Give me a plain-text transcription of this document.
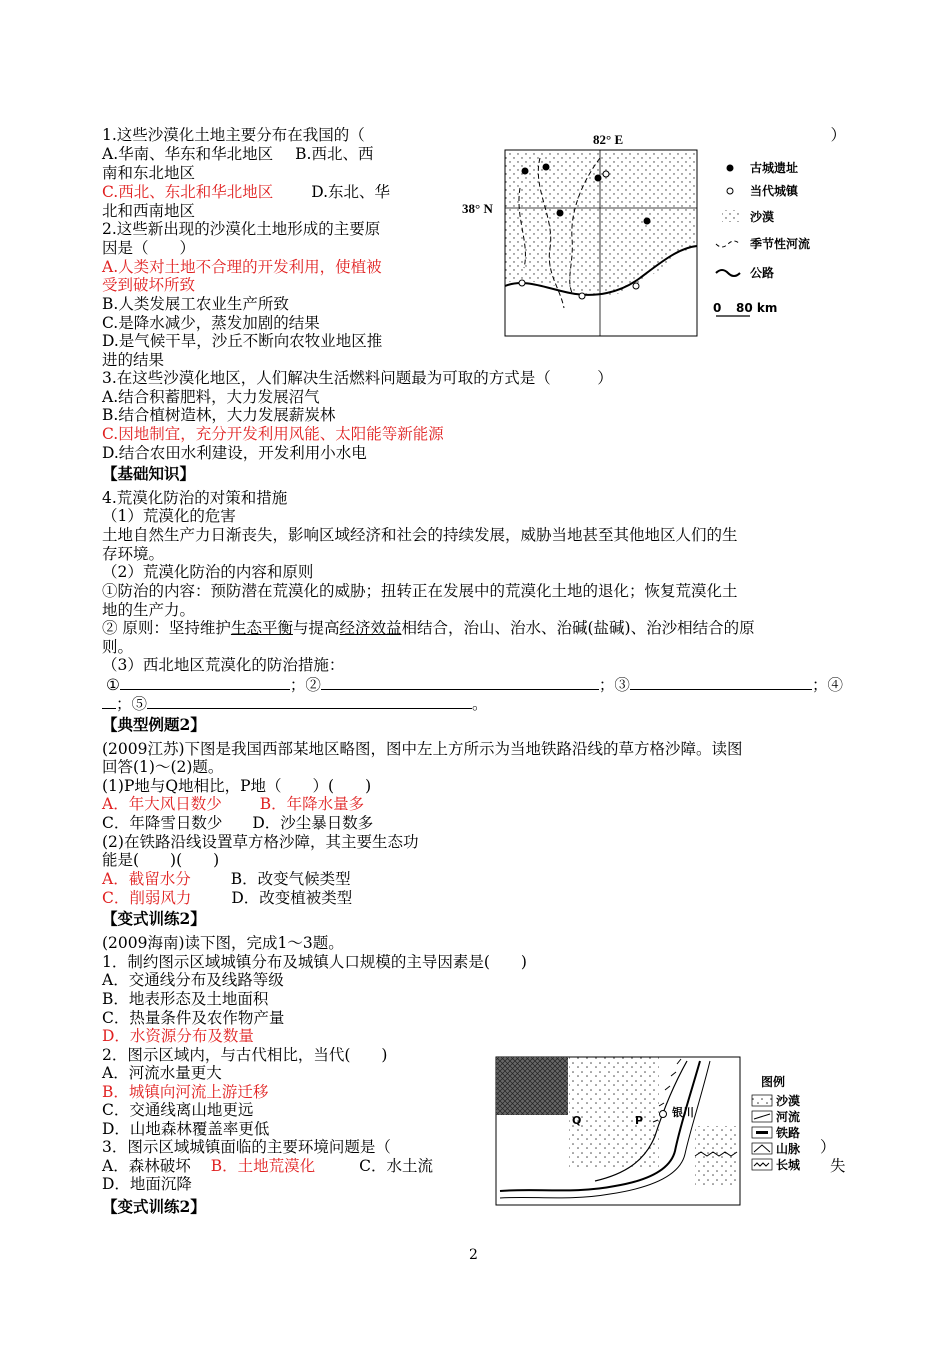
1.这些沙漠化土地主要分布在我国的（	）
A.华南、华东和华北地区 B.西北、西
南和东北地区
C.西北、东北和华北地区 D.东北、华
北和西南地区
2.这些新出现的沙漠化土地形成的主要原
因是（　　）
A.人类对土地不合理的开发利用，使植被
受到破坏所致
B.人类发展工农业生产所致
C.是降水减少，蒸发加剧的结果
D.是气候干旱，沙丘不断向农牧业地区推
进的结果
3.在这些沙漠化地区，人们解决生活燃料问题最为可取的方式是（　　　）
A.结合积蓄肥料，大力发展沼气
B.结合植树造林，大力发展薪炭林
C.因地制宜，充分开发利用风能、太阳能等新能源
D.结合农田水利建设，开发利用小水电
【基础知识】
4.荒漠化防治的对策和措施
（1）荒漠化的危害
土地自然生产力日渐丧失，影响区域经济和社会的持续发展，威胁当地甚至其他地区人们的生
存环境。
（2）荒漠化防治的内容和原则
①防治的内容：预防潜在荒漠化的威胁；扭转正在发展中的荒漠化土地的退化；恢复荒漠化土
地的生产力。
② 原则：坚持维护生态平衡与提高经济效益相结合，治山、治水、治碱(盐碱)、治沙相结合的原
则。
（3）西北地区荒漠化的防治措施：
①	；②	；③	；④
；⑤	。
【典型例题2】
(2009江苏)下图是我国西部某地区略图，图中左上方所示为当地铁路沿线的草方格沙障。读图
回答(1)～(2)题。
(1)P地与Q地相比，P地（　　）(　　)
A．年大风日数少 B．年降水量多
C．年降雪日数少 D．沙尘暴日数多
(2)在铁路沿线设置草方格沙障，其主要生态功
能是(　　)(　　)
A．截留水分	B．改变气候类型
C．削弱风力	D．改变植被类型
【变式训练2】
(2009海南)读下图，完成1～3题。
1．制约图示区域城镇分布及城镇人口规模的主导因素是(　　)
A．交通线分布及线路等级
B．地表形态及土地面积
C．热量条件及农作物产量
D．水资源分布及数量
2．图示区域内，与古代相比，当代(　　)
A．河流水量更大
B．城镇向河流上游迁移
C．交通线离山地更远
D．山地森林覆盖率更低
3．图示区域城镇面临的主要环境问题是（	）
A．森林破坏 B．土地荒漠化	C．水土流	失
D．地面沉降
【变式训练2】
2
82° E
38° N
古城遗址
当代城镇
沙漠
季节性河流
公路
0 80 km
银川
P
Q
图例
沙漠
河流
铁路
山脉
长城
